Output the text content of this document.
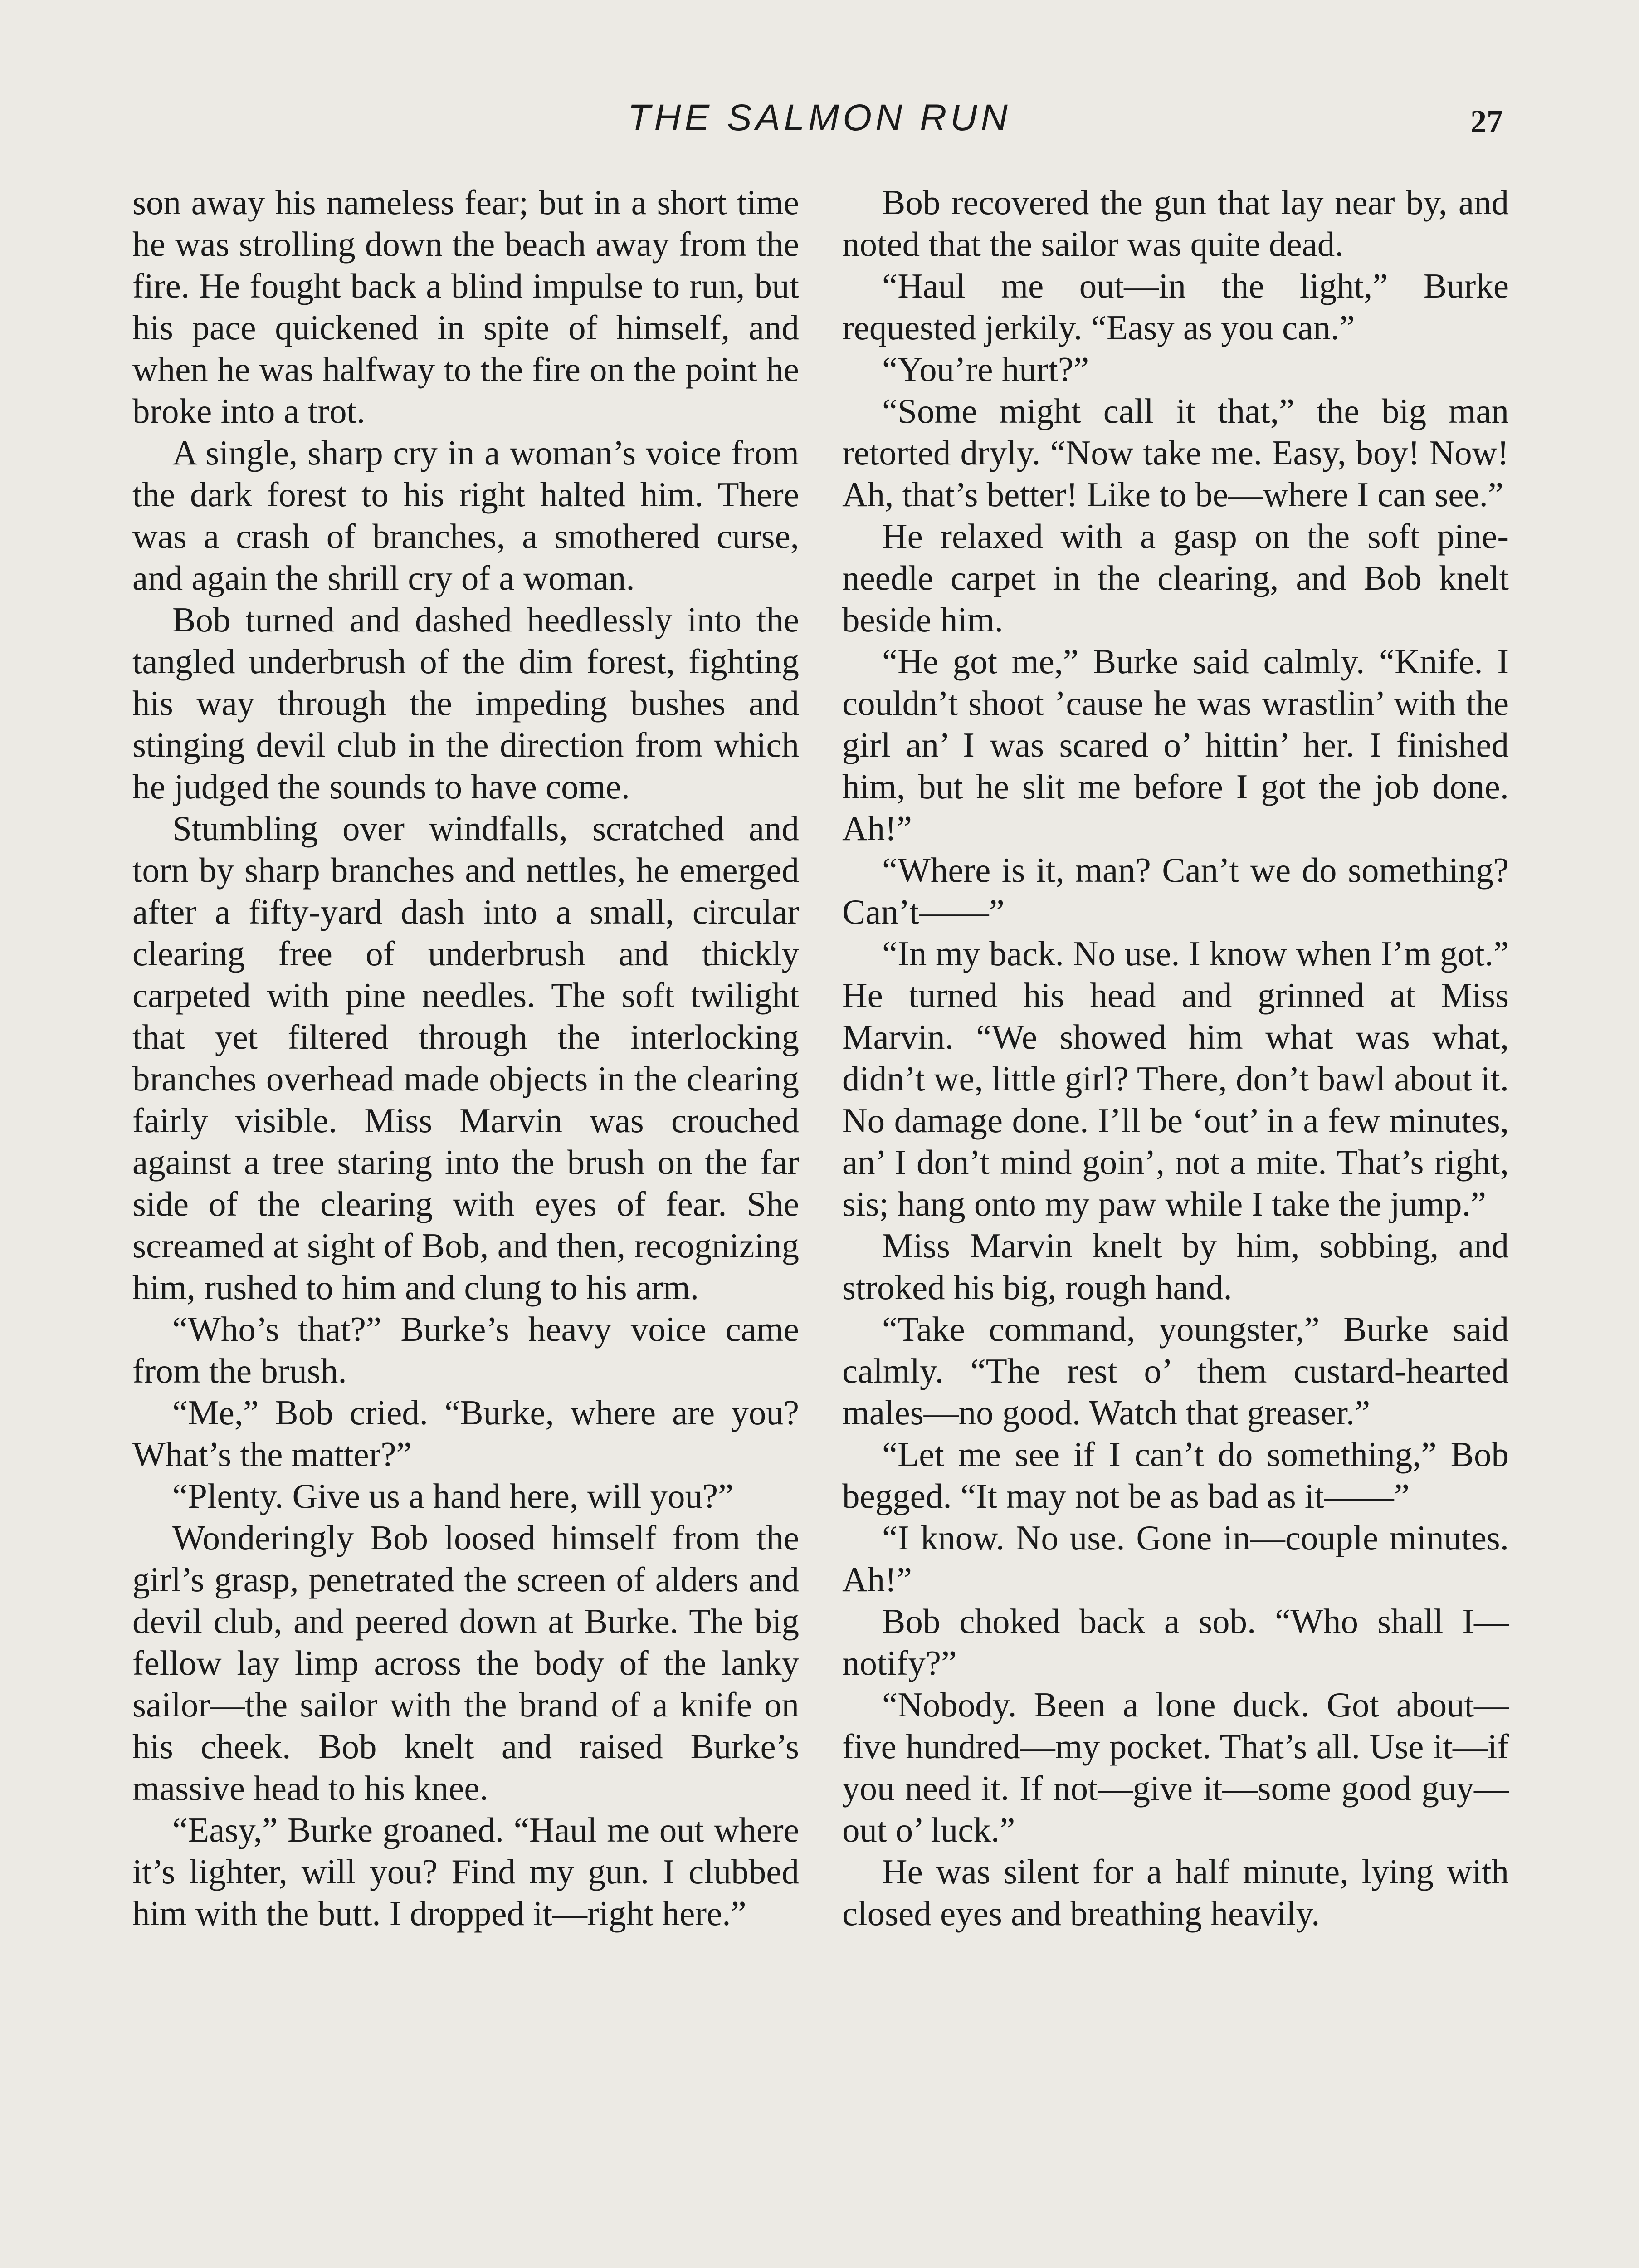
THE SALMON RUN	27

son away his nameless fear; but in a short time he was strolling down the beach away from the fire. He fought back a blind impulse to run, but his pace quickened in spite of himself, and when he was halfway to the fire on the point he broke into a trot.

A single, sharp cry in a woman’s voice from the dark forest to his right halted him. There was a crash of branches, a smothered curse, and again the shrill cry of a woman.

Bob turned and dashed heedlessly into the tangled underbrush of the dim forest, fighting his way through the impeding bushes and stinging devil club in the direction from which he judged the sounds to have come.

Stumbling over windfalls, scratched and torn by sharp branches and nettles, he emerged after a fifty-yard dash into a small, circular clearing free of underbrush and thickly carpeted with pine needles. The soft twilight that yet filtered through the interlocking branches overhead made objects in the clearing fairly visible. Miss Marvin was crouched against a tree staring into the brush on the far side of the clearing with eyes of fear. She screamed at sight of Bob, and then, recognizing him, rushed to him and clung to his arm.

“Who’s that?” Burke’s heavy voice came from the brush.

“Me,” Bob cried. “Burke, where are you? What’s the matter?”

“Plenty. Give us a hand here, will you?”

Wonderingly Bob loosed himself from the girl’s grasp, penetrated the screen of alders and devil club, and peered down at Burke. The big fellow lay limp across the body of the lanky sailor—the sailor with the brand of a knife on his cheek. Bob knelt and raised Burke’s massive head to his knee.

“Easy,” Burke groaned. “Haul me out where it’s lighter, will you? Find my gun. I clubbed him with the butt. I dropped it—right here.”

Bob recovered the gun that lay near by, and noted that the sailor was quite dead.

“Haul me out—in the light,” Burke requested jerkily. “Easy as you can.”

“You’re hurt?”

“Some might call it that,” the big man retorted dryly. “Now take me. Easy, boy! Now! Ah, that’s better! Like to be—where I can see.”

He relaxed with a gasp on the soft pine-needle carpet in the clearing, and Bob knelt beside him.

“He got me,” Burke said calmly. “Knife. I couldn’t shoot ’cause he was wrastlin’ with the girl an’ I was scared o’ hittin’ her. I finished him, but he slit me before I got the job done. Ah!”

“Where is it, man? Can’t we do something? Can’t——”

“In my back. No use. I know when I’m got.” He turned his head and grinned at Miss Marvin. “We showed him what was what, didn’t we, little girl? There, don’t bawl about it. No damage done. I’ll be ‘out’ in a few minutes, an’ I don’t mind goin’, not a mite. That’s right, sis; hang onto my paw while I take the jump.”

Miss Marvin knelt by him, sobbing, and stroked his big, rough hand.

“Take command, youngster,” Burke said calmly. “The rest o’ them custard-hearted males—no good. Watch that greaser.”

“Let me see if I can’t do something,” Bob begged. “It may not be as bad as it——”

“I know. No use. Gone in—couple minutes. Ah!”

Bob choked back a sob. “Who shall I—notify?”

“Nobody. Been a lone duck. Got about—five hundred—my pocket. That’s all. Use it—if you need it. If not—give it—some good guy—out o’ luck.”

He was silent for a half minute, lying with closed eyes and breathing heavily.
